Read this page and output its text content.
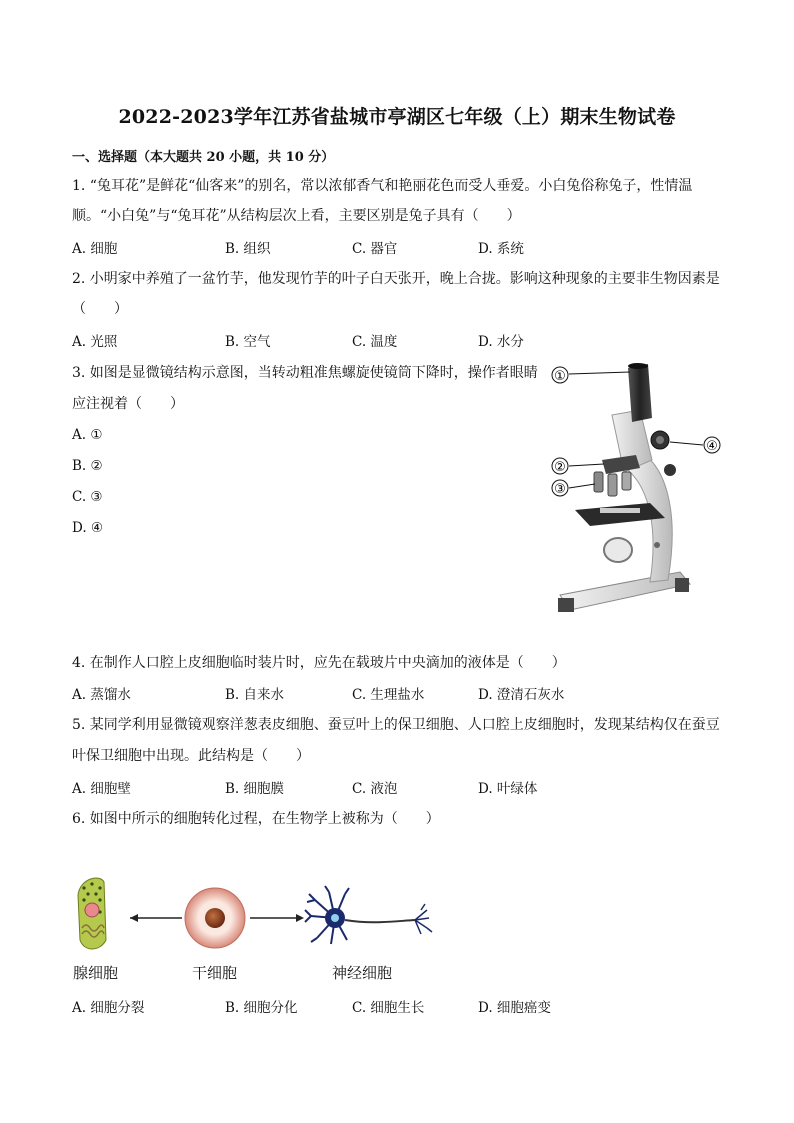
2022-2023学年江苏省盐城市亭湖区七年级（上）期末生物试卷
一、选择题（本大题共 20 小题，共 10 分）
1. “兔耳花”是鲜花“仙客来”的别名，常以浓郁香气和艳丽花色而受人垂爱。小白兔俗称兔子，性情温
顺。“小白兔”与“兔耳花”从结构层次上看，主要区别是兔子具有（　　）
A. 细胞	B. 组织	C. 器官	D. 系统
2. 小明家中养殖了一盆竹芋，他发现竹芋的叶子白天张开，晚上合拢。影响这种现象的主要非生物因素是
（　　）
A. 光照	B. 空气	C. 温度	D. 水分
3. 如图是显微镜结构示意图，当转动粗准焦螺旋使镜筒下降时，操作者眼睛
应注视着（　　）
A. ①
B. ②
C. ③
D. ④
①
④
②
③
4. 在制作人口腔上皮细胞临时装片时，应先在载玻片中央滴加的液体是（　　）
A. 蒸馏水	B. 自来水	C. 生理盐水	D. 澄清石灰水
5. 某同学利用显微镜观察洋葱表皮细胞、蚕豆叶上的保卫细胞、人口腔上皮细胞时，发现某结构仅在蚕豆
叶保卫细胞中出现。此结构是（　　）
A. 细胞壁	B. 细胞膜	C. 液泡	D. 叶绿体
6. 如图中所示的细胞转化过程，在生物学上被称为（　　）
腺细胞	干细胞	神经细胞
A. 细胞分裂	B. 细胞分化	C. 细胞生长	D. 细胞癌变
